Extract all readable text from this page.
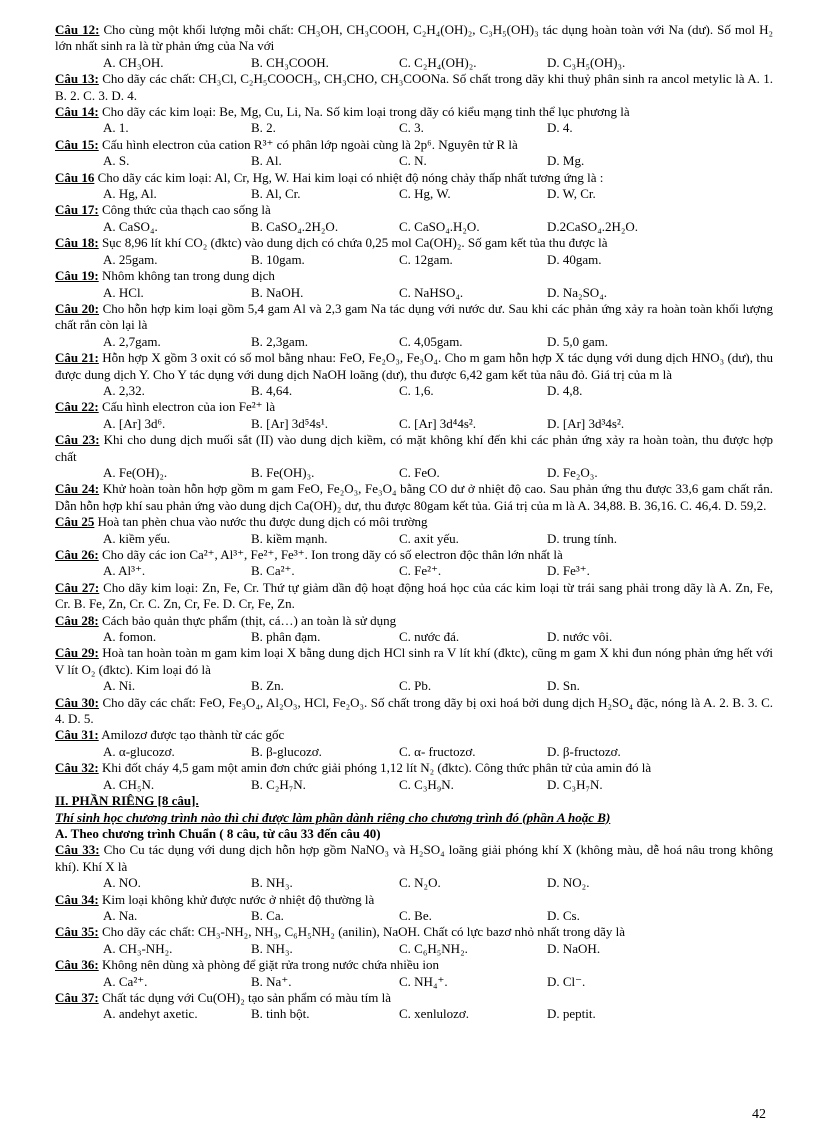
Câu 12: Cho cùng một khối lượng mỗi chất: CH₃OH, CH₃COOH, C₂H₄(OH)₂, C₃H₅(OH)₃ tác dụng hoàn toàn với Na (dư). Số mol H₂ lớn nhất sinh ra là từ phản ứng của Na với

A. CH₃OH.	B. CH₃COOH.	C. C₂H₄(OH)₂.	D. C₃H₅(OH)₃.

Câu 13: Cho dãy các chất: CH₃Cl, C₂H₅COOCH₃, CH₃CHO, CH₃COONa. Số chất trong dãy khi thuỷ phân sinh ra ancol metylic là A. 1. B. 2. C. 3. D. 4.

Câu 14: Cho dãy các kim loại: Be, Mg, Cu, Li, Na. Số kim loại trong dãy có kiểu mạng tinh thể lục phương là

A. 1.	B. 2.	C. 3.	D. 4.

Câu 15: Cấu hình electron của cation R³⁺ có phân lớp ngoài cùng là 2p⁶. Nguyên tử R là

A. S.	B. Al.	C. N.	D. Mg.

Câu 16 Cho dãy các kim loại: Al, Cr, Hg, W. Hai kim loại có nhiệt độ nóng chảy thấp nhất tương ứng là :

A. Hg, Al.	B. Al, Cr.	C. Hg, W.	D. W, Cr.

Câu 17: Công thức của thạch cao sống là

A. CaSO₄.	B. CaSO₄.2H₂O.	C. CaSO₄.H₂O.	D.2CaSO₄.2H₂O.

Câu 18: Sục 8,96 lít khí CO₂ (đktc) vào dung dịch có chứa 0,25 mol Ca(OH)₂. Số gam kết tủa thu được là

A. 25gam.	B. 10gam.	C. 12gam.	D. 40gam.

Câu 19: Nhôm không tan trong dung dịch

A. HCl.	B. NaOH.	C. NaHSO₄.	D. Na₂SO₄.

Câu 20: Cho hỗn hợp kim loại gồm 5,4 gam Al và 2,3 gam Na tác dụng với nước dư. Sau khi các phản ứng xảy ra hoàn toàn khối lượng chất rắn còn lại là

A. 2,7gam.	B. 2,3gam.	C. 4,05gam.	D. 5,0 gam.

Câu 21: Hỗn hợp X gồm 3 oxit có số mol bằng nhau: FeO, Fe₂O₃, Fe₃O₄. Cho m gam hỗn hợp X tác dụng với dung dịch HNO₃ (dư), thu được dung dịch Y. Cho Y tác dụng với dung dịch NaOH loãng (dư), thu được 6,42 gam kết tủa nâu đỏ. Giá trị của m là

A. 2,32.	B. 4,64.	C. 1,6.	D. 4,8.

Câu 22: Cấu hình electron của ion Fe²⁺ là

A. [Ar] 3d⁶.	B. [Ar] 3d⁵4s¹.	C. [Ar] 3d⁴4s².	D. [Ar] 3d³4s².

Câu 23: Khi cho dung dịch muối sắt (II) vào dung dịch kiềm, có mặt không khí đến khi các phản ứng xảy ra hoàn toàn, thu được hợp chất

A. Fe(OH)₂.	B. Fe(OH)₃.	C. FeO.	D. Fe₂O₃.

Câu 24: Khử hoàn toàn hỗn hợp gồm m gam FeO, Fe₂O₃, Fe₃O₄ bằng CO dư ở nhiệt độ cao. Sau phản ứng thu được 33,6 gam chất rắn. Dẫn hỗn hợp khí sau phản ứng vào dung dịch Ca(OH)₂ dư, thu được 80gam kết tủa. Giá trị của m là A. 34,88. B. 36,16. C. 46,4. D. 59,2.

Câu 25 Hoà tan phèn chua vào nước thu được dung dịch có môi trường

A. kiềm yếu.	B. kiềm mạnh.	C. axit yếu.	D. trung tính.

Câu 26: Cho dãy các ion Ca²⁺, Al³⁺, Fe²⁺, Fe³⁺. Ion trong dãy có số electron độc thân lớn nhất là

A. Al³⁺.	B. Ca²⁺.	C. Fe²⁺.	D. Fe³⁺.

Câu 27: Cho dãy kim loại: Zn, Fe, Cr. Thứ tự giảm dần độ hoạt động hoá học của các kim loại từ trái sang phải trong dãy là A. Zn, Fe, Cr. B. Fe, Zn, Cr. C. Zn, Cr, Fe. D. Cr, Fe, Zn.

Câu 28: Cách bảo quản thực phẩm (thịt, cá…) an toàn là sử dụng

A. fomon.	B. phân đạm.	C. nước đá.	D. nước vôi.

Câu 29: Hoà tan hoàn toàn m gam kim loại X bằng dung dịch HCl sinh ra V lít khí (đktc), cũng m gam X khi đun nóng phản ứng hết với V lít O₂ (đktc). Kim loại đó là

A. Ni.	B. Zn.	C. Pb.	D. Sn.

Câu 30: Cho dãy các chất: FeO, Fe₃O₄, Al₂O₃, HCl, Fe₂O₃. Số chất trong dãy bị oxi hoá bởi dung dịch H₂SO₄ đặc, nóng là A. 2. B. 3. C. 4. D. 5.

Câu 31: Amilozơ được tạo thành từ các gốc

A. α-glucozơ.	B. β-glucozơ.	C. α- fructozơ.	D. β-fructozơ.

Câu 32: Khi đốt cháy 4,5 gam một amin đơn chức giải phóng 1,12 lít N₂ (đktc). Công thức phân tử của amin đó là

A. CH₅N.	B. C₂H₇N.	C. C₃H₉N.	D. C₃H₇N.

II. PHẦN RIÊNG [8 câu].

Thí sinh học chương trình nào thì chỉ được làm phần dành riêng cho chương trình đó (phần A hoặc B)

A. Theo chương trình Chuẩn ( 8 câu, từ câu 33 đến câu 40)

Câu 33: Cho Cu tác dụng với dung dịch hỗn hợp gồm NaNO₃ và H₂SO₄ loãng giải phóng khí X (không màu, dễ hoá nâu trong không khí). Khí X là

A. NO.	B. NH₃.	C. N₂O.	D. NO₂.

Câu 34: Kim loại không khử được nước ở nhiệt độ thường là

A. Na.	B. Ca.	C. Be.	D. Cs.

Câu 35: Cho dãy các chất: CH₃-NH₂, NH₃, C₆H₅NH₂ (anilin), NaOH. Chất có lực bazơ nhỏ nhất trong dãy là

A. CH₃-NH₂.	B. NH₃.	C. C₆H₅NH₂.	D. NaOH.

Câu 36: Không nên dùng xà phòng để giặt rửa trong nước chứa nhiều ion

A. Ca²⁺.	B. Na⁺.	C. NH₄⁺.	D. Cl⁻.

Câu 37: Chất tác dụng với Cu(OH)₂ tạo sản phẩm có màu tím là

A. andehyt axetic.	B. tinh bột.	C. xenlulozơ.	D. peptit.
42
